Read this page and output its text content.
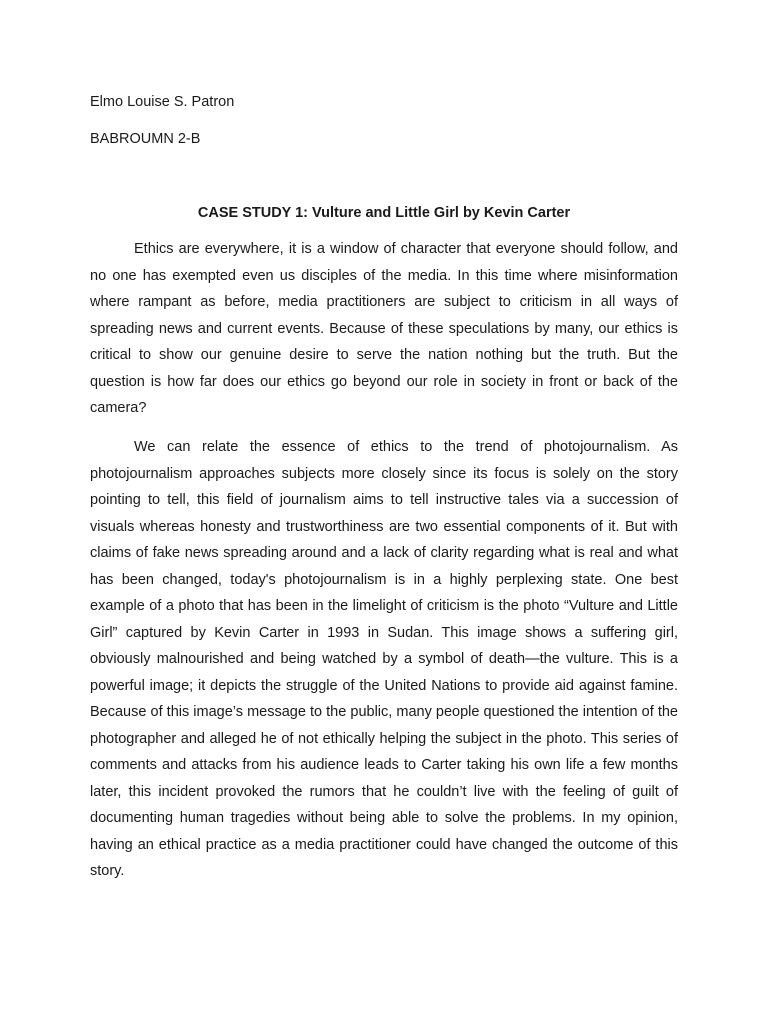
Elmo Louise S. Patron

BABROUMN 2-B

CASE STUDY 1: Vulture and Little Girl by Kevin Carter

Ethics are everywhere, it is a window of character that everyone should follow, and no one has exempted even us disciples of the media. In this time where misinformation where rampant as before, media practitioners are subject to criticism in all ways of spreading news and current events. Because of these speculations by many, our ethics is critical to show our genuine desire to serve the nation nothing but the truth. But the question is how far does our ethics go beyond our role in society in front or back of the camera?

We can relate the essence of ethics to the trend of photojournalism. As photojournalism approaches subjects more closely since its focus is solely on the story pointing to tell, this field of journalism aims to tell instructive tales via a succession of visuals whereas honesty and trustworthiness are two essential components of it. But with claims of fake news spreading around and a lack of clarity regarding what is real and what has been changed, today's photojournalism is in a highly perplexing state. One best example of a photo that has been in the limelight of criticism is the photo “Vulture and Little Girl” captured by Kevin Carter in 1993 in Sudan. This image shows a suffering girl, obviously malnourished and being watched by a symbol of death—the vulture. This is a powerful image; it depicts the struggle of the United Nations to provide aid against famine. Because of this image’s message to the public, many people questioned the intention of the photographer and alleged he of not ethically helping the subject in the photo. This series of comments and attacks from his audience leads to Carter taking his own life a few months later, this incident provoked the rumors that he couldn’t live with the feeling of guilt of documenting human tragedies without being able to solve the problems. In my opinion, having an ethical practice as a media practitioner could have changed the outcome of this story.
